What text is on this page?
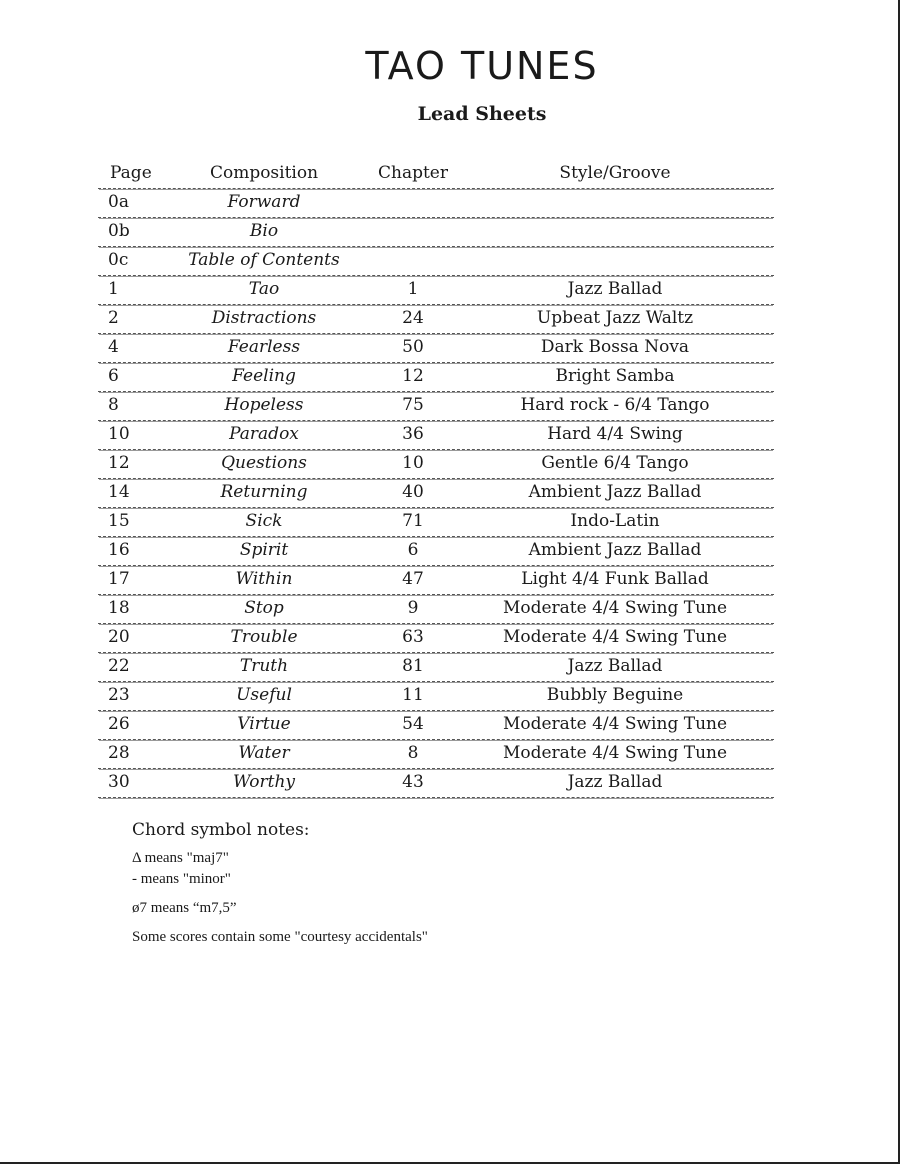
TAO TUNES
Lead Sheets
Page	Composition	Chapter	Style/Groove
0a	Forward
0b	Bio
0c	Table of Contents
1	Tao	1	Jazz Ballad
2	Distractions	24	Upbeat Jazz Waltz
4	Fearless	50	Dark Bossa Nova
6	Feeling	12	Bright Samba
8	Hopeless	75	Hard rock - 6/4 Tango
10	Paradox	36	Hard 4/4 Swing
12	Questions	10	Gentle 6/4 Tango
14	Returning	40	Ambient Jazz Ballad
15	Sick	71	Indo-Latin
16	Spirit	6	Ambient Jazz Ballad
17	Within	47	Light 4/4 Funk Ballad
18	Stop	9	Moderate 4/4 Swing Tune
20	Trouble	63	Moderate 4/4 Swing Tune
22	Truth	81	Jazz Ballad
23	Useful	11	Bubbly Beguine
26	Virtue	54	Moderate 4/4 Swing Tune
28	Water	8	Moderate 4/4 Swing Tune
30	Worthy	43	Jazz Ballad

Chord symbol notes:

Δ means "maj7"

- means "minor"

ø7 means “m7,5”

Some scores contain some "courtesy accidentals"
